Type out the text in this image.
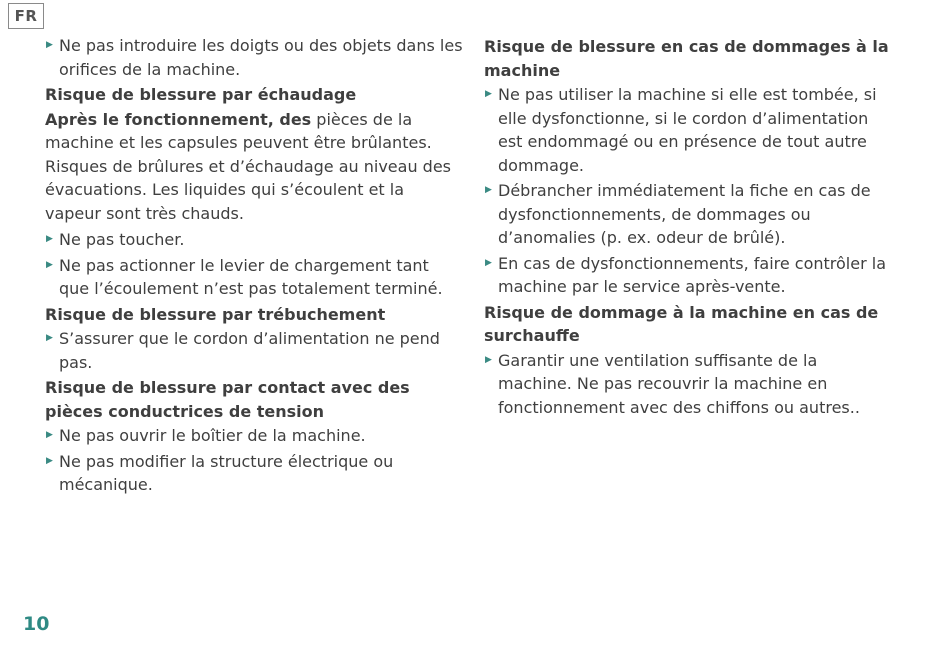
FR
▶ Ne pas introduire les doigts ou des objets dans les orifices de la machine.
Risque de blessure par échaudage
Après le fonctionnement, des pièces de la machine et les capsules peuvent être brûlantes. Risques de brûlures et d’échaudage au niveau des évacuations. Les liquides qui s’écoulent et la vapeur sont très chauds.
▶ Ne pas toucher.
▶ Ne pas actionner le levier de chargement tant que l’écoulement n’est pas totalement terminé.
Risque de blessure par trébuchement
▶ S’assurer que le cordon d’alimentation ne pend pas.
Risque de blessure par contact avec des pièces conductrices de tension
▶ Ne pas ouvrir le boîtier de la machine.
▶ Ne pas modifier la structure électrique ou mécanique.
Risque de blessure en cas de dommages à la machine
▶ Ne pas utiliser la machine si elle est tombée, si elle dysfonctionne, si le cordon d’alimentation est endommagé ou en présence de tout autre dommage.
▶ Débrancher immédiatement la fiche en cas de dysfonctionnements, de dommages ou d’anomalies (p. ex. odeur de brûlé).
▶ En cas de dysfonctionnements, faire contrôler la machine par le service après-vente.
Risque de dommage à la machine en cas de surchauffe
▶ Garantir une ventilation suffisante de la machine. Ne pas recouvrir la machine en fonctionnement avec des chiffons ou autres..
10
